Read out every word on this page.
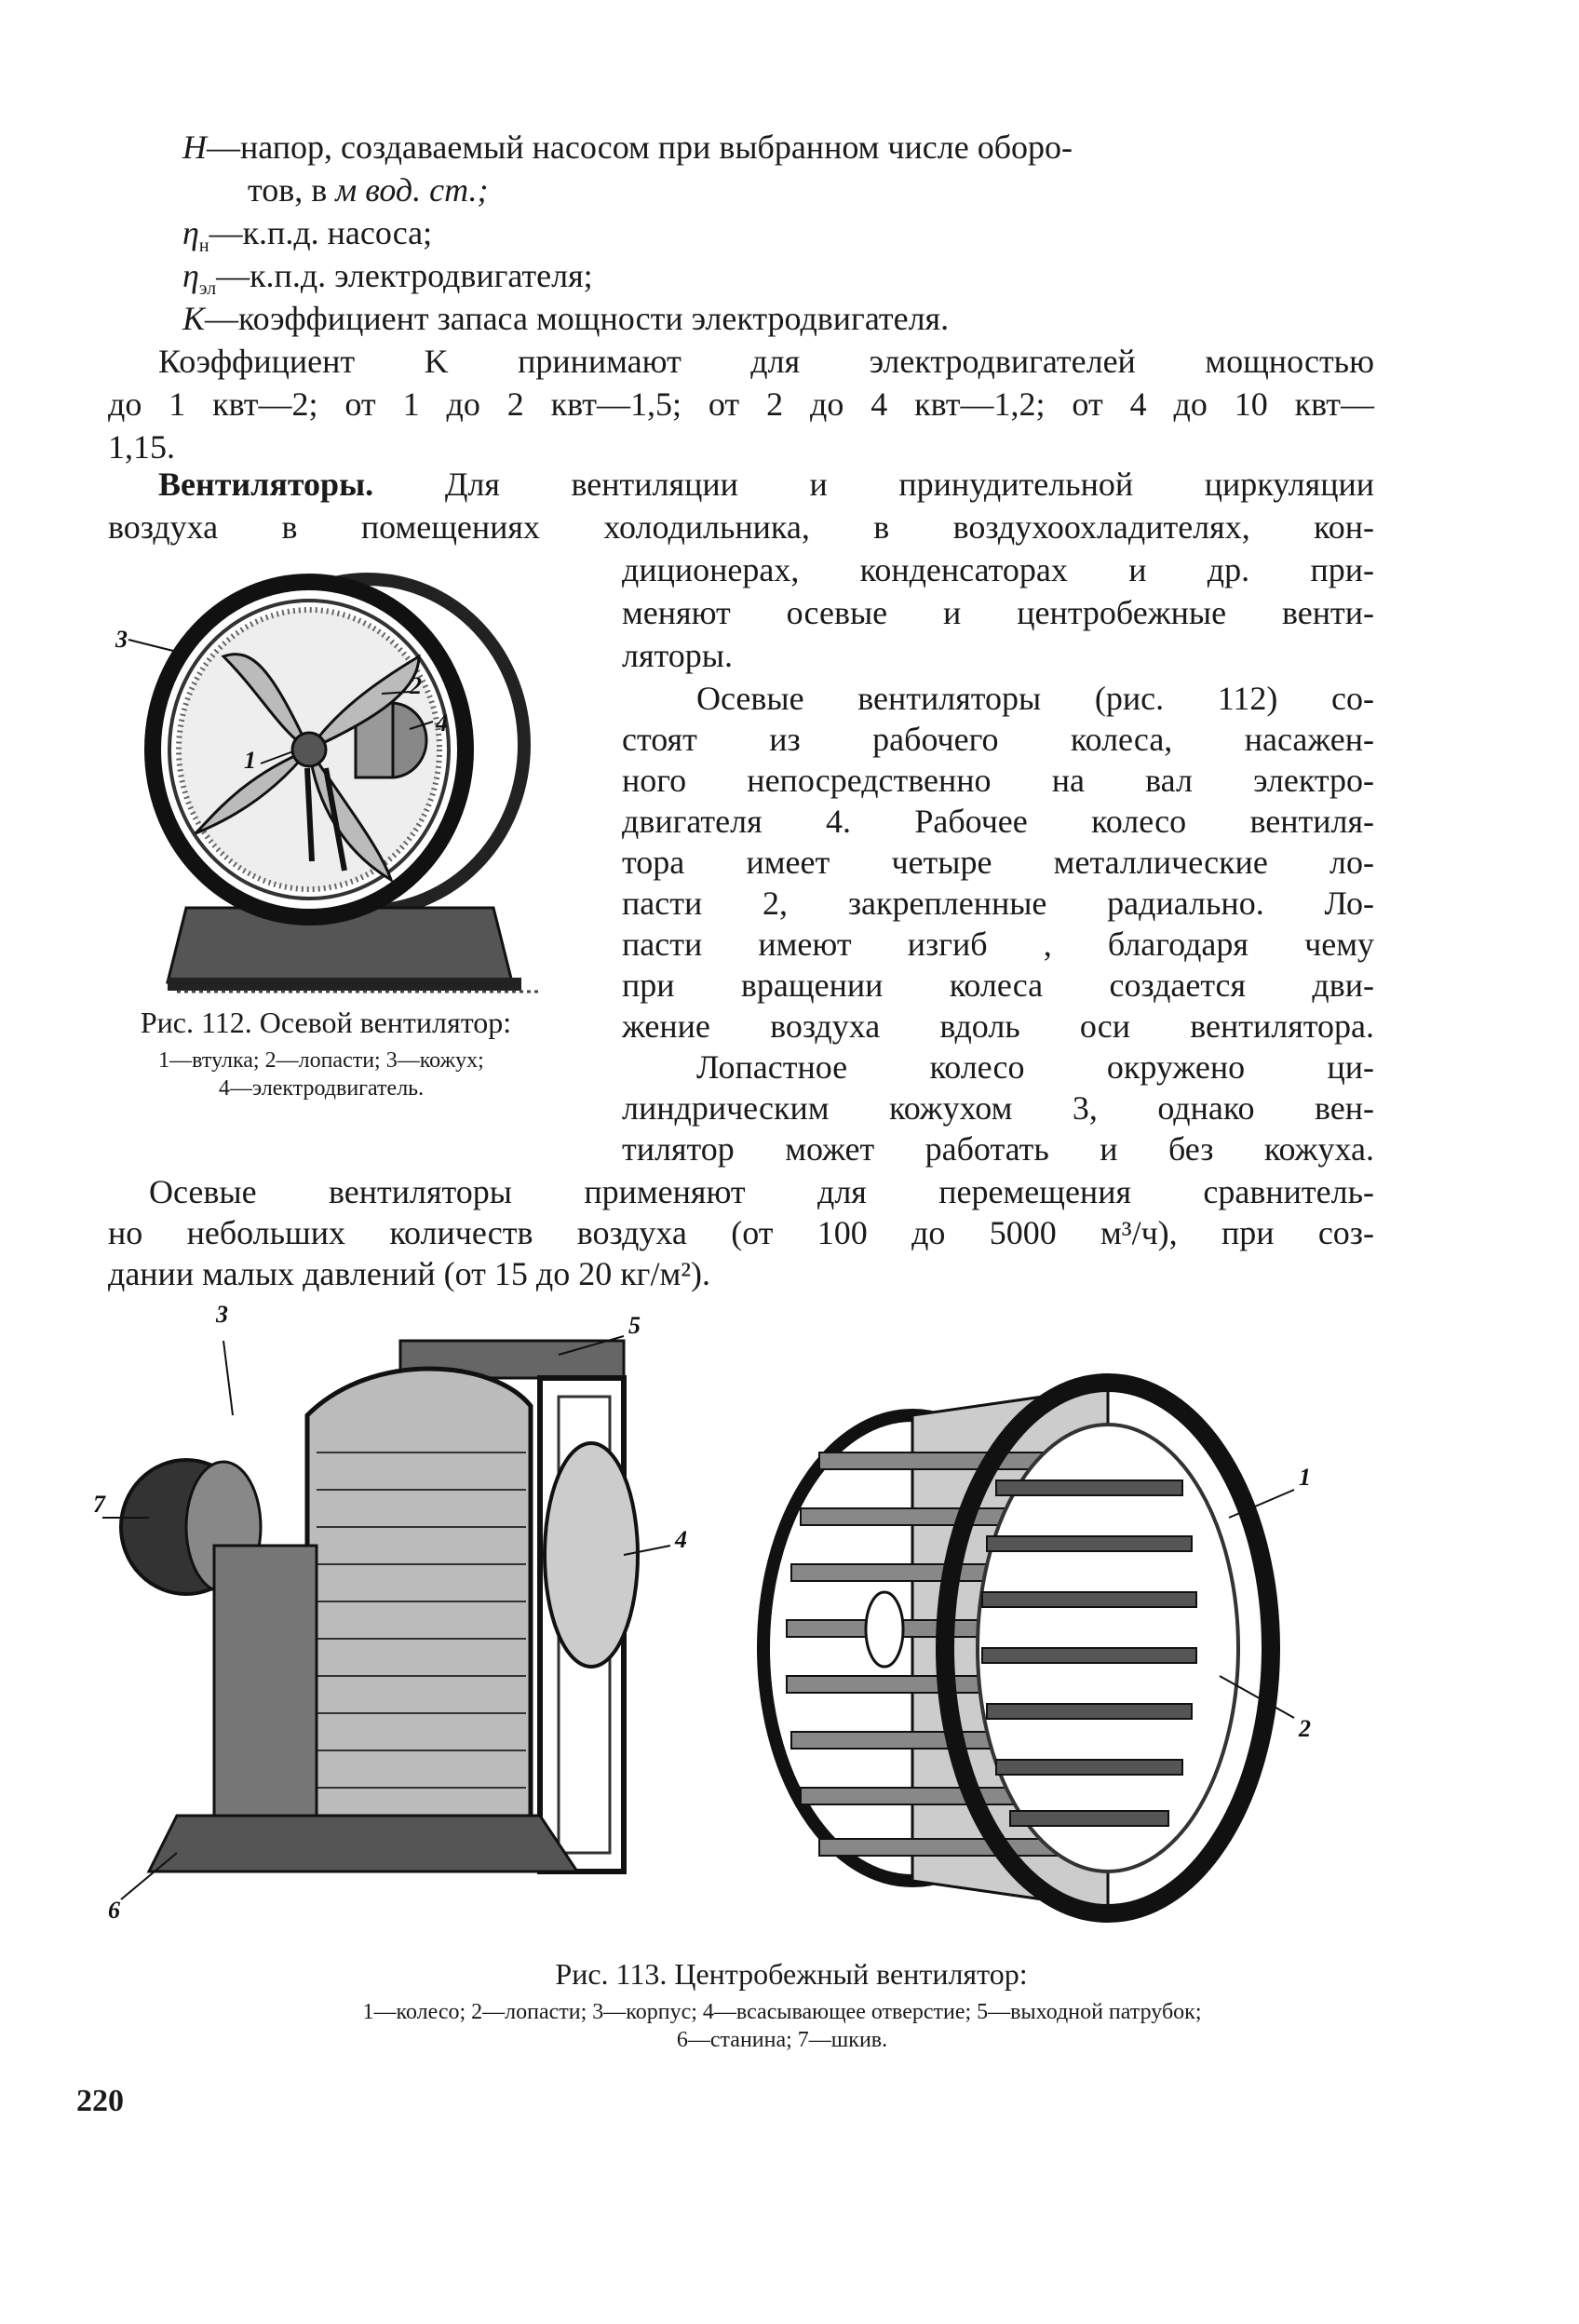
H—напор, создаваемый насосом при выбранном числе оборо-
тов, в м вод. ст.;
$\eta_н—к.п.д$. насоса;
$\eta_{эл}—к.п.д$. электродвигателя;
K—коэффициент запаса мощности электродвигателя.
Коэффициент K принимают для электродвигателей мощностью
до 1 квт—2; от 1 до 2 квт—1,5; от 2 до 4 квт—1,2; от 4 до 10 квт—
1,15.
Вентиляторы. Для вентиляции и принудительной циркуляции
воздуха в помещениях холодильника, в воздухоохладителях, кон-
диционерах, конденсаторах и др. при-
меняют осевые и центробежные венти-
ляторы.
Осевые вентиляторы (рис. 112) со-
стоят из рабочего колеса, насажен-
ного непосредственно на вал электро-
двигателя 4. Рабочее колесо вентиля-
тора имеет четыре металлические ло-
пасти 2, закрепленные радиально. Ло-
пасти имеют изгиб , благодаря чему
при вращении колеса создается дви-
жение воздуха вдоль оси вентилятора.
Лопастное колесо окружено ци-
линдрическим кожухом 3, однако вен-
тилятор может работать и без кожуха.
Осевые вентиляторы применяют для перемещения сравнитель-
но небольших количеств воздуха (от 100 до 5000 м³/ч), при соз-
дании малых давлений (от 15 до 20 кг/м²).
3
2
4
1
Рис. 112. Осевой вентилятор:
1—втулка; 2—лопасти; 3—кожух;
4—электродвигатель.
3	5
7
4
6
1
2
Рис. 113. Центробежный вентилятор:
1—колесо; 2—лопасти; 3—корпус; 4—всасывающее отверстие; 5—выходной патрубок;
6—станина; 7—шкив.
220
